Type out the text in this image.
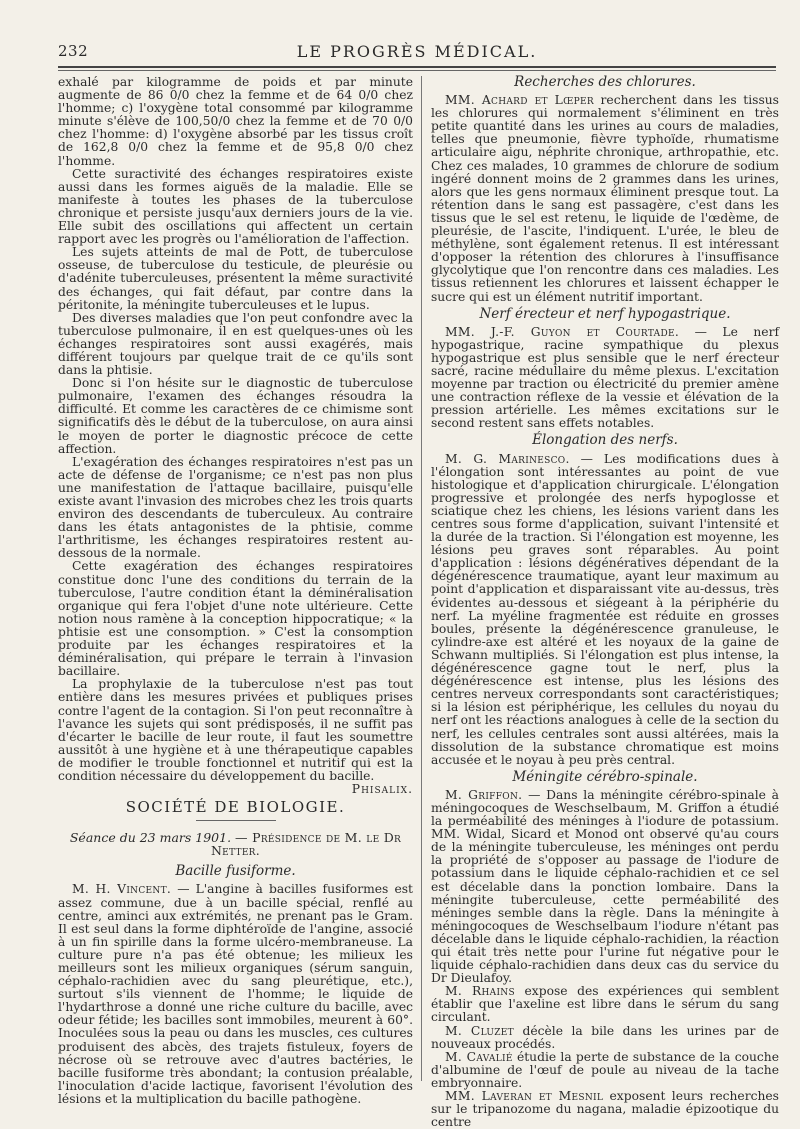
232	LE PROGRÈS MÉDICAL.

exhalé par kilogramme de poids et par minute augmente de 86 0/0 chez la femme et de 64 0/0 chez l'homme; c) l'oxygène total consommé par kilogramme minute s'élève de 100,50/0 chez la femme et de 70 0/0 chez l'homme: d) l'oxygène absorbé par les tissus croît de 162,8 0/0 chez la femme et de 95,8 0/0 chez l'homme.

Cette suractivité des échanges respiratoires existe aussi dans les formes aiguës de la maladie. Elle se manifeste à toutes les phases de la tuberculose chronique et persiste jusqu'aux derniers jours de la vie. Elle subit des oscillations qui affectent un certain rapport avec les progrès ou l'amélioration de l'affection.

Les sujets atteints de mal de Pott, de tuberculose osseuse, de tuberculose du testicule, de pleurésie ou d'adénite tuberculeuses, présentent la même suractivité des échanges, qui fait défaut, par contre dans la péritonite, la méningite tuberculeuses et le lupus.

Des diverses maladies que l'on peut confondre avec la tuberculose pulmonaire, il en est quelques-unes où les échanges respiratoires sont aussi exagérés, mais différent toujours par quelque trait de ce qu'ils sont dans la phtisie.

Donc si l'on hésite sur le diagnostic de tuberculose pulmonaire, l'examen des échanges résoudra la difficulté. Et comme les caractères de ce chimisme sont significatifs dès le début de la tuberculose, on aura ainsi le moyen de porter le diagnostic précoce de cette affection.

L'exagération des échanges respiratoires n'est pas un acte de défense de l'organisme; ce n'est pas non plus une manifestation de l'attaque bacillaire, puisqu'elle existe avant l'invasion des microbes chez les trois quarts environ des descendants de tuberculeux. Au contraire dans les états antagonistes de la phtisie, comme l'arthritisme, les échanges respiratoires restent au-dessous de la normale.

Cette exagération des échanges respiratoires constitue donc l'une des conditions du terrain de la tuberculose, l'autre condition étant la déminéralisation organique qui fera l'objet d'une note ultérieure. Cette notion nous ramène à la conception hippocratique; « la phtisie est une consomption. » C'est la consomption produite par les échanges respiratoires et la déminéralisation, qui prépare le terrain à l'invasion bacillaire.

La prophylaxie de la tuberculose n'est pas tout entière dans les mesures privées et publiques prises contre l'agent de la contagion. Si l'on peut reconnaître à l'avance les sujets qui sont prédisposés, il ne suffit pas d'écarter le bacille de leur route, il faut les soumettre aussitôt à une hygiène et à une thérapeutique capables de modifier le trouble fonctionnel et nutritif qui est la condition nécessaire du développement du bacille.
Phisalix.

SOCIÉTÉ DE BIOLOGIE.
Séance du 23 mars 1901. — Présidence de M. le Dr Netter.
Bacille fusiforme.

M. H. Vincent. — L'angine à bacilles fusiformes est assez commune, due à un bacille spécial, renflé au centre, aminci aux extrémités, ne prenant pas le Gram. Il est seul dans la forme diphtéroïde de l'angine, associé à un fin spirille dans la forme ulcéro-membraneuse. La culture pure n'a pas été obtenue; les milieux les meilleurs sont les milieux organiques (sérum sanguin, céphalo-rachidien avec du sang pleurétique, etc.), surtout s'ils viennent de l'homme; le liquide de l'hydarthrose a donné une riche culture du bacille, avec odeur fétide; les bacilles sont immobiles, meurent à 60°. Inoculées sous la peau ou dans les muscles, ces cultures produisent des abcès, des trajets fistuleux, foyers de nécrose où se retrouve avec d'autres bactéries, le bacille fusiforme très abondant; la contusion préalable, l'inoculation d'acide lactique, favorisent l'évolution des lésions et la multiplication du bacille pathogène.

Recherches des chlorures.

MM. Achard et Lœper recherchent dans les tissus les chlorures qui normalement s'éliminent en très petite quantité dans les urines au cours de maladies, telles que pneumonie, fièvre typhoïde, rhumatisme articulaire aigu, néphrite chronique, arthropathie, etc. Chez ces malades, 10 grammes de chlorure de sodium ingéré donnent moins de 2 grammes dans les urines, alors que les gens normaux éliminent presque tout. La rétention dans le sang est passagère, c'est dans les tissus que le sel est retenu, le liquide de l'œdème, de pleurésie, de l'ascite, l'indiquent. L'urée, le bleu de méthylène, sont également retenus. Il est intéressant d'opposer la rétention des chlorures à l'insuffisance glycolytique que l'on rencontre dans ces maladies. Les tissus retiennent les chlorures et laissent échapper le sucre qui est un élément nutritif important.

Nerf érecteur et nerf hypogastrique.

MM. J.-F. Guyon et Courtade. — Le nerf hypogastrique, racine sympathique du plexus hypogastrique est plus sensible que le nerf érecteur sacré, racine médullaire du même plexus. L'excitation moyenne par traction ou électricité du premier amène une contraction réflexe de la vessie et élévation de la pression artérielle. Les mêmes excitations sur le second restent sans effets notables.

Élongation des nerfs.

M. G. Marinesco. — Les modifications dues à l'élongation sont intéressantes au point de vue histologique et d'application chirurgicale. L'élongation progressive et prolongée des nerfs hypoglosse et sciatique chez les chiens, les lésions varient dans les centres sous forme d'application, suivant l'intensité et la durée de la traction. Si l'élongation est moyenne, les lésions peu graves sont réparables. Au point d'application : lésions dégénératives dépendant de la dégénérescence traumatique, ayant leur maximum au point d'application et disparaissant vite au-dessus, très évidentes au-dessous et siégeant à la périphérie du nerf. La myéline fragmentée est réduite en grosses boules, présente la dégénérescence granuleuse, le cylindre-axe est altéré et les noyaux de la gaine de Schwann multipliés. Si l'élongation est plus intense, la dégénérescence gagne tout le nerf, plus la dégénérescence est intense, plus les lésions des centres nerveux correspondants sont caractéristiques; si la lésion est périphérique, les cellules du noyau du nerf ont les réactions analogues à celle de la section du nerf, les cellules centrales sont aussi altérées, mais la dissolution de la substance chromatique est moins accusée et le noyau à peu près central.

Méningite cérébro-spinale.

M. Griffon. — Dans la méningite cérébro-spinale à méningocoques de Weschselbaum, M. Griffon a étudié la perméabilité des méninges à l'iodure de potassium. MM. Widal, Sicard et Monod ont observé qu'au cours de la méningite tuberculeuse, les méninges ont perdu la propriété de s'opposer au passage de l'iodure de potassium dans le liquide céphalo-rachidien et ce sel est décelable dans la ponction lombaire. Dans la méningite tuberculeuse, cette perméabilité des méninges semble dans la règle. Dans la méningite à méningocoques de Weschselbaum l'iodure n'étant pas décelable dans le liquide céphalo-rachidien, la réaction qui était très nette pour l'urine fut négative pour le liquide céphalo-rachidien dans deux cas du service du Dr Dieulafoy.

M. Rhains expose des expériences qui semblent établir que l'axeline est libre dans le sérum du sang circulant.

M. Cluzet décèle la bile dans les urines par de nouveaux procédés.

M. Cavalié étudie la perte de substance de la couche d'albumine de l'œuf de poule au niveau de la tache embryonnaire.

MM. Laveran et Mesnil exposent leurs recherches sur le tripanozome du nagana, maladie épizootique du centre
